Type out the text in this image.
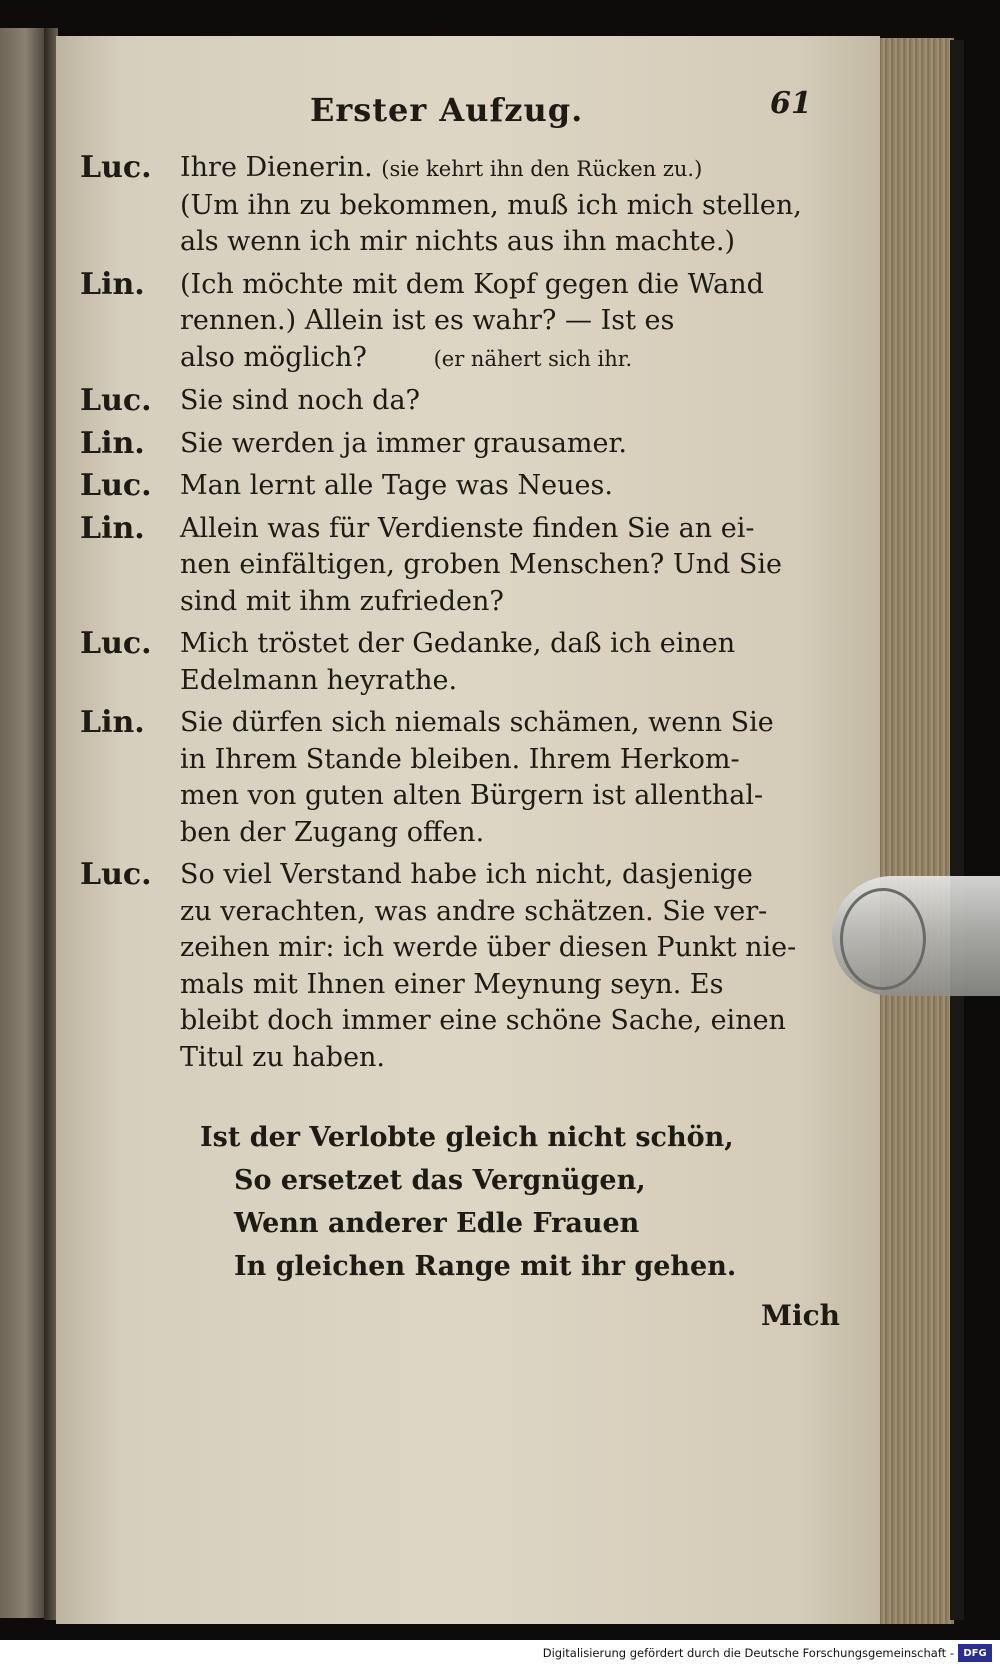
Erster Aufzug.	61
Luc.	Ihre Dienerin. (sie kehrt ihn den Rücken zu.)
(Um ihn zu bekommen, muß ich mich stellen,
als wenn ich mir nichts aus ihn machte.)
Lin.	(Ich möchte mit dem Kopf gegen die Wand
rennen.) Allein ist es wahr? — Ist es
also möglich?          (er nähert sich ihr.
Luc.	Sie sind noch da?
Lin.	Sie werden ja immer grausamer.
Luc.	Man lernt alle Tage was Neues.
Lin.	Allein was für Verdienste finden Sie an ei-
nen einfältigen, groben Menschen? Und Sie
sind mit ihm zufrieden?
Luc.	Mich tröstet der Gedanke, daß ich einen
Edelmann heyrathe.
Lin.	Sie dürfen sich niemals schämen, wenn Sie
in Ihrem Stande bleiben. Ihrem Herkom-
men von guten alten Bürgern ist allenthal-
ben der Zugang offen.
Luc.	So viel Verstand habe ich nicht, dasjenige
zu verachten, was andre schätzen. Sie ver-
zeihen mir: ich werde über diesen Punkt nie-
mals mit Ihnen einer Meynung seyn. Es
bleibt doch immer eine schöne Sache, einen
Titul zu haben.
Ist der Verlobte gleich nicht schön,
So ersetzet das Vergnügen,
Wenn anderer Edle Frauen
In gleichen Range mit ihr gehen.
Mich
Digitalisierung gefördert durch die Deutsche Forschungsgemeinschaft - DFG
